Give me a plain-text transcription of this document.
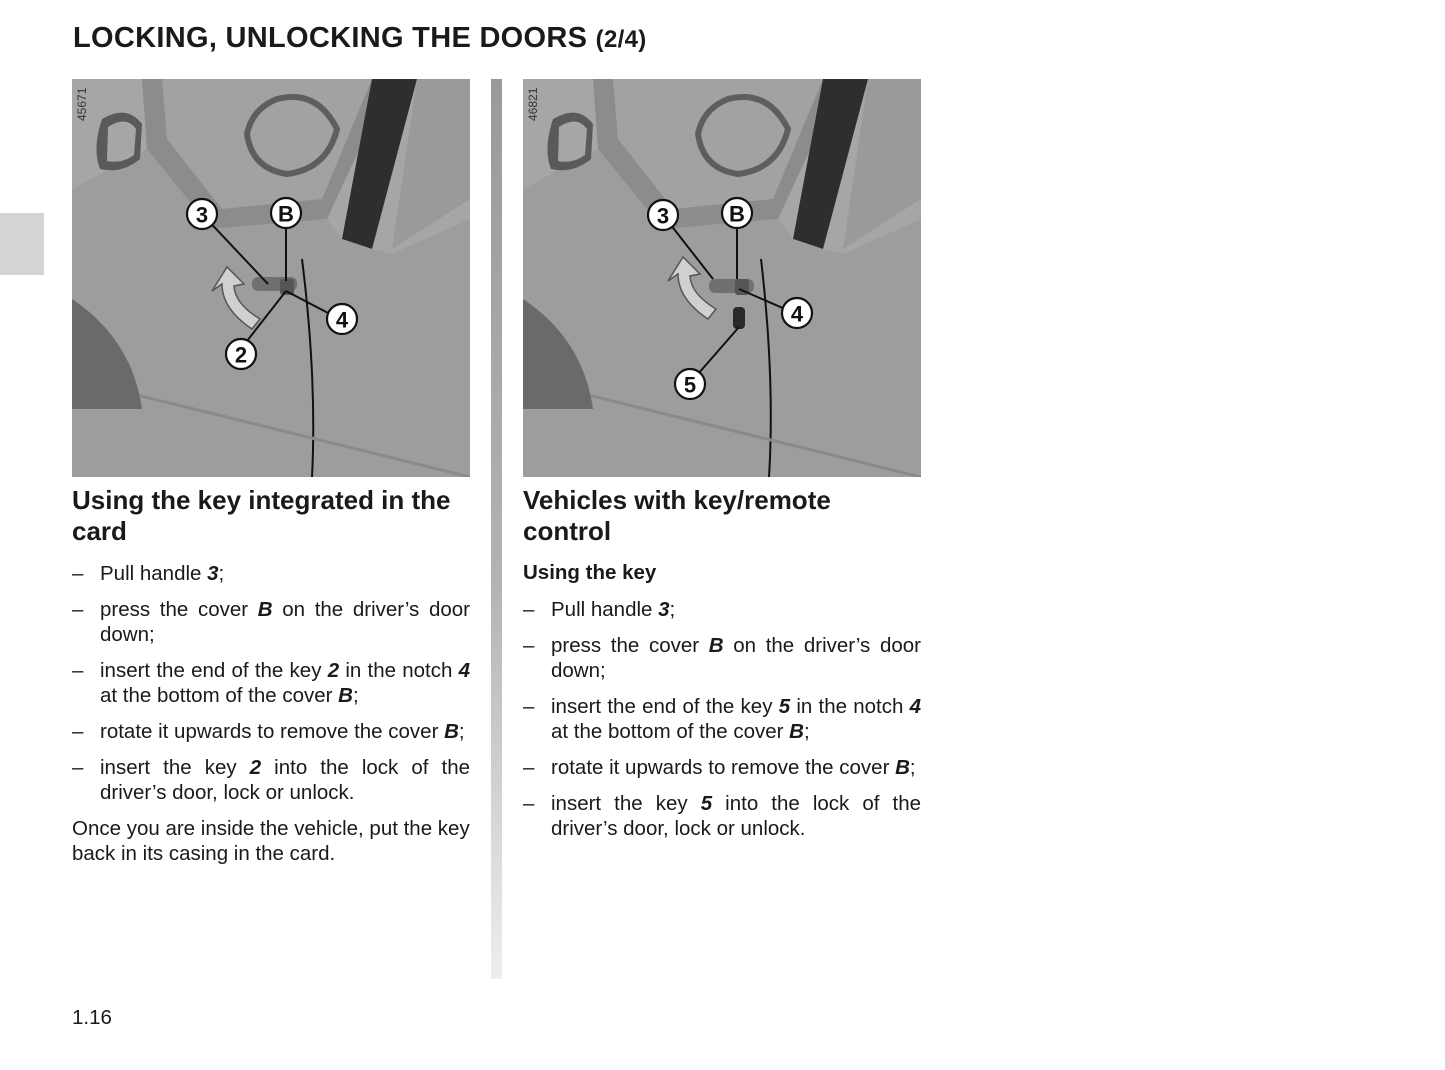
LOCKING, UNLOCKING THE DOORS (2/4)
3	B
4
2
45671
Using the key integrated in the card
– Pull handle 3;
– press the cover B on the driver’s door down;
– insert the end of the key 2 in the notch 4 at the bottom of the cover B;
– rotate it upwards to remove the cover B;
– insert the key 2 into the lock of the driver’s door, lock or unlock.

Once you are inside the vehicle, put the key back in its casing in the card.

3	B
4
5
46821
Vehicles with key/remote control
Using the key
– Pull handle 3;
– press the cover B on the driver’s door down;
– insert the end of the key 5 in the notch 4 at the bottom of the cover B;
– rotate it upwards to remove the cover B;
– insert the key 5 into the lock of the driver’s door, lock or unlock.
1.16
